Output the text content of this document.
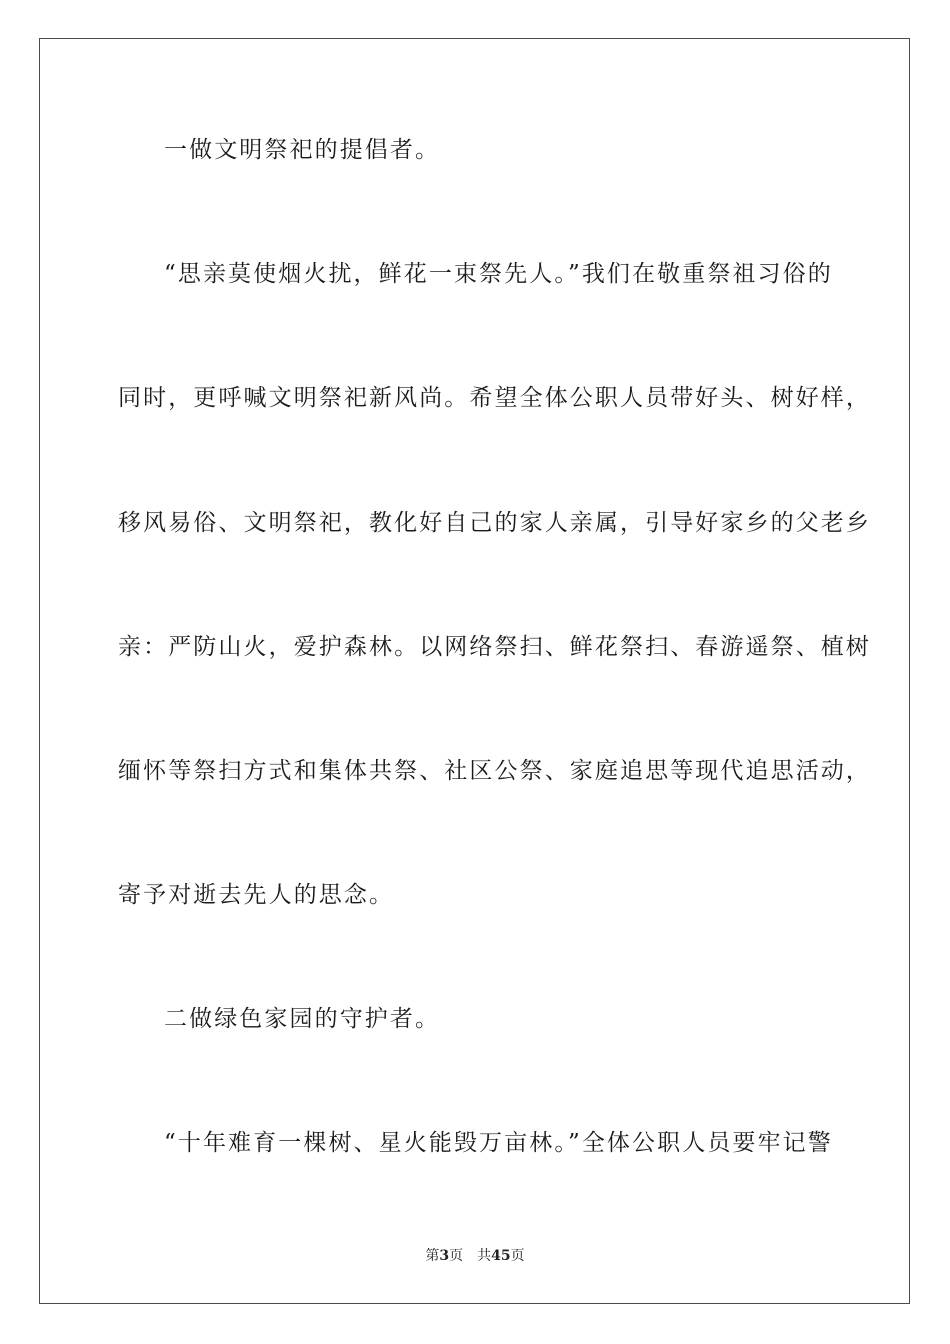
一做文明祭祀的提倡者。
“思亲莫使烟火扰，鲜花一束祭先人。”我们在敬重祭祖习俗的
同时，更呼喊文明祭祀新风尚。希望全体公职人员带好头、树好样，
移风易俗、文明祭祀，教化好自己的家人亲属，引导好家乡的父老乡
亲：严防山火，爱护森林。以网络祭扫、鲜花祭扫、春游遥祭、植树
缅怀等祭扫方式和集体共祭、社区公祭、家庭追思等现代追思活动，
寄予对逝去先人的思念。
二做绿色家园的守护者。
“十年难育一棵树、星火能毁万亩林。”全体公职人员要牢记警
第3页 共45页
